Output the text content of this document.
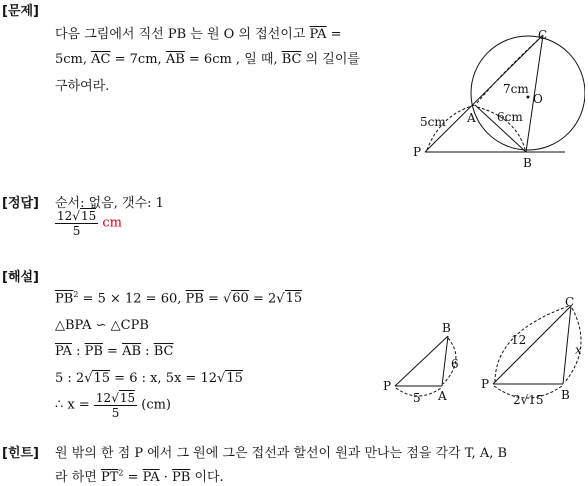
[문제]
다음 그림에서 직선 PB 는 원 O 의 접선이고 $\overline{PA}$ =
5cm, $\overline{AC} = 7cm$, $\overline{AB} = 6cm$ , 일 때, $\overline{BC}$ 의 길이를
구하여라.
C
O
A
B
P
5cm
7cm
6cm
[정답] 순서: 없음, 갯수: 1
$\frac{12√15}{5}$ cm
[해설]
$\overline{PB}^2 = 5 \times 12 = 60$, $\overline{PB} = √60 = 2√15$
△BPA ∽ △CPB
$\overline{PA}$ : $\overline{PB} = \overline{AB}$ : $\overline{BC}$
5 : 2√15 = 6 : x, 5x = 12√15
∴ $x = \frac{12√15}{5} (cm)$
B
P
A
6
5
C
P
B
12
x
2√15
[힌트] 원 밖의 한 점 P 에서 그 원에 그은 접선과 할선이 원과 만나는 점을 각각 T, A, B
라 하면 $\overline{PT}^2 = \overline{PA} \cdot \overline{PB}$ 이다.
